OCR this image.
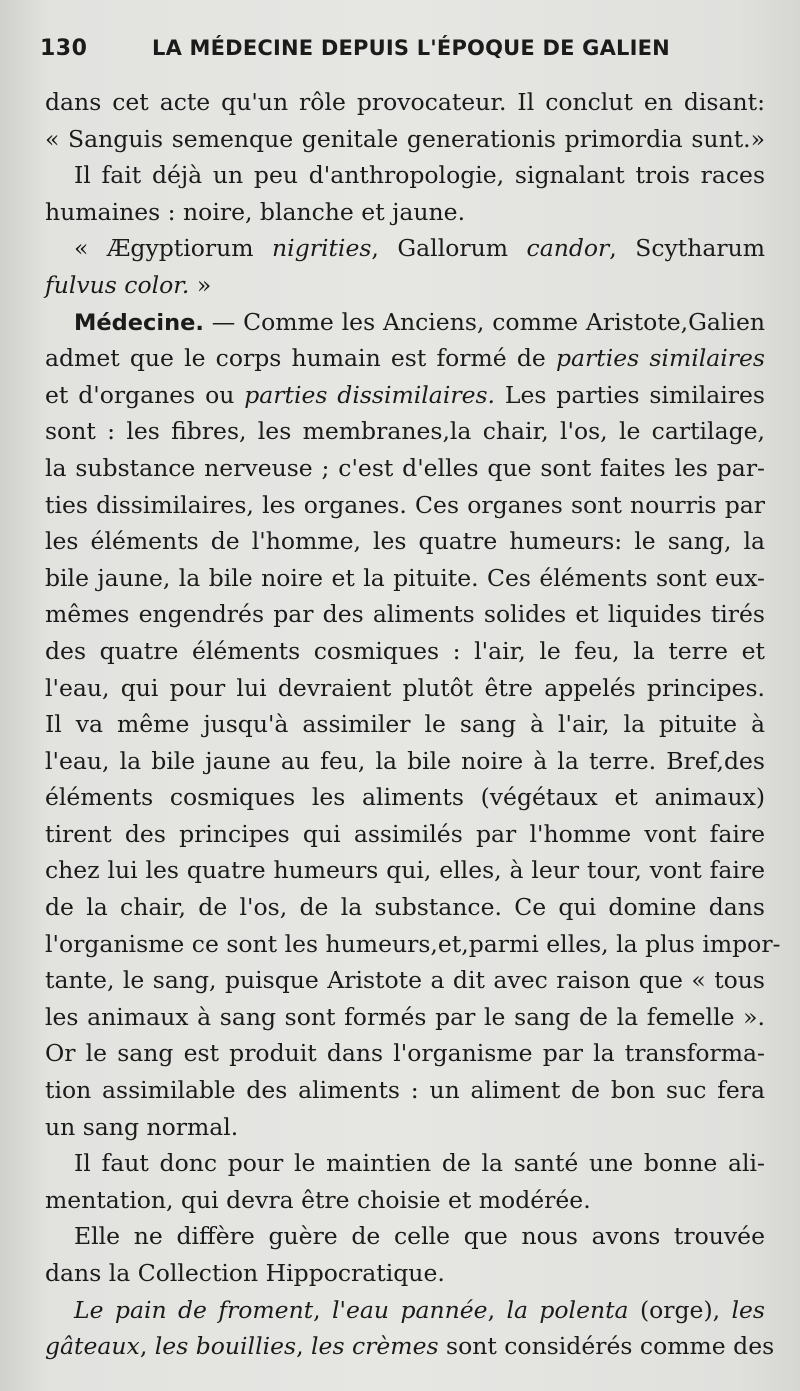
130	LA MÉDECINE DEPUIS L'ÉPOQUE DE GALIEN
dans cet acte qu'un rôle provocateur. Il conclut en disant:
« Sanguis semenque genitale generationis primordia sunt.»
Il fait déjà un peu d'anthropologie, signalant trois races
humaines : noire, blanche et jaune.
« Ægyptiorum nigrities, Gallorum candor, Scytharum
fulvus color. »
Médecine. — Comme les Anciens, comme Aristote,Galien
admet que le corps humain est formé de parties similaires
et d'organes ou parties dissimilaires. Les parties similaires
sont : les fibres, les membranes,la chair, l'os, le cartilage,
la substance nerveuse ; c'est d'elles que sont faites les par-
ties dissimilaires, les organes. Ces organes sont nourris par
les éléments de l'homme, les quatre humeurs: le sang, la
bile jaune, la bile noire et la pituite. Ces éléments sont eux-
mêmes engendrés par des aliments solides et liquides tirés
des quatre éléments cosmiques : l'air, le feu, la terre et
l'eau, qui pour lui devraient plutôt être appelés principes.
Il va même jusqu'à assimiler le sang à l'air, la pituite à
l'eau, la bile jaune au feu, la bile noire à la terre. Bref,des
éléments cosmiques les aliments (végétaux et animaux)
tirent des principes qui assimilés par l'homme vont faire
chez lui les quatre humeurs qui, elles, à leur tour, vont faire
de la chair, de l'os, de la substance. Ce qui domine dans
l'organisme ce sont les humeurs,et,parmi elles, la plus impor-
tante, le sang, puisque Aristote a dit avec raison que « tous
les animaux à sang sont formés par le sang de la femelle ».
Or le sang est produit dans l'organisme par la transforma-
tion assimilable des aliments : un aliment de bon suc fera
un sang normal.
Il faut donc pour le maintien de la santé une bonne ali-
mentation, qui devra être choisie et modérée.
Elle ne diffère guère de celle que nous avons trouvée
dans la Collection Hippocratique.
Le pain de froment, l'eau pannée, la polenta (orge), les
gâteaux, les bouillies, les crèmes sont considérés comme des
